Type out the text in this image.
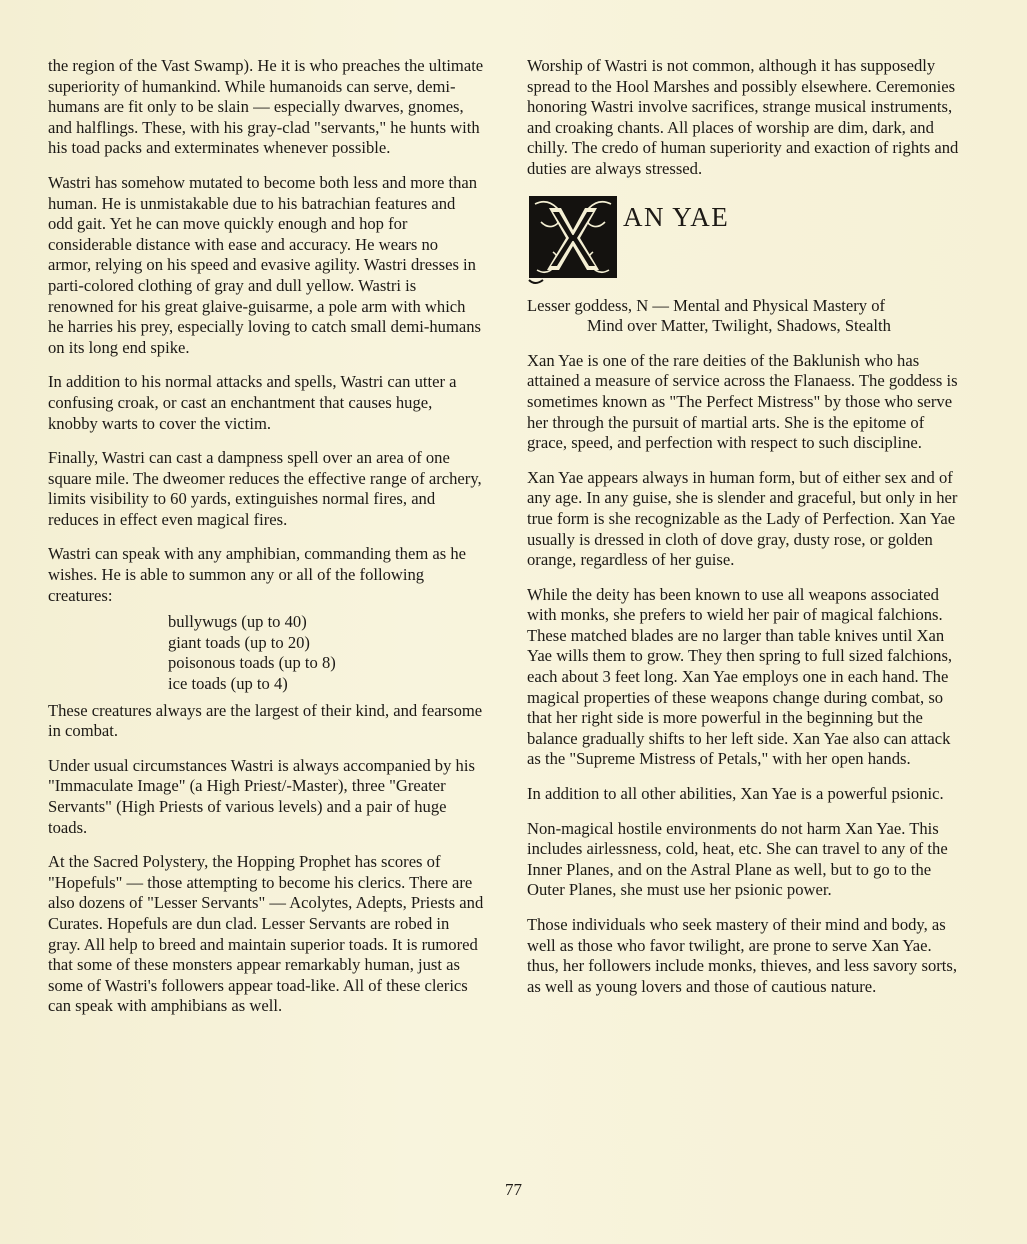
the region of the Vast Swamp). He it is who preaches the ultimate superiority of humankind. While humanoids can serve, demi-humans are fit only to be slain — especially dwarves, gnomes, and halflings. These, with his gray-clad "servants," he hunts with his toad packs and exterminates whenever possible.

Wastri has somehow mutated to become both less and more than human. He is unmistakable due to his batrachian features and odd gait. Yet he can move quickly enough and hop for considerable distance with ease and accuracy. He wears no armor, relying on his speed and evasive agility. Wastri dresses in parti-colored clothing of gray and dull yellow. Wastri is renowned for his great glaive-guisarme, a pole arm with which he harries his prey, especially loving to catch small demi-humans on its long end spike.

In addition to his normal attacks and spells, Wastri can utter a confusing croak, or cast an enchantment that causes huge, knobby warts to cover the victim.

Finally, Wastri can cast a dampness spell over an area of one square mile. The dweomer reduces the effective range of archery, limits visibility to 60 yards, extinguishes normal fires, and reduces in effect even magical fires.

Wastri can speak with any amphibian, commanding them as he wishes. He is able to summon any or all of the following creatures:

bullywugs (up to 40)
giant toads (up to 20)
poisonous toads (up to 8)
ice toads (up to 4)

These creatures always are the largest of their kind, and fearsome in combat.

Under usual circumstances Wastri is always accompanied by his "Immaculate Image" (a High Priest/-Master), three "Greater Servants" (High Priests of various levels) and a pair of huge toads.

At the Sacred Polystery, the Hopping Prophet has scores of "Hopefuls" — those attempting to become his clerics. There are also dozens of "Lesser Servants" — Acolytes, Adepts, Priests and Curates. Hopefuls are dun clad. Lesser Servants are robed in gray. All help to breed and maintain superior toads. It is rumored that some of these monsters appear remarkably human, just as some of Wastri's followers appear toad-like. All of these clerics can speak with amphibians as well.

Worship of Wastri is not common, although it has supposedly spread to the Hool Marshes and possibly elsewhere. Ceremonies honoring Wastri involve sacrifices, strange musical instruments, and croaking chants. All places of worship are dim, dark, and chilly. The credo of human superiority and exaction of rights and duties are always stressed.

AN YAE

Lesser goddess, N — Mental and Physical Mastery of
Mind over Matter, Twilight, Shadows, Stealth

Xan Yae is one of the rare deities of the Baklunish who has attained a measure of service across the Flanaess. The goddess is sometimes known as "The Perfect Mistress" by those who serve her through the pursuit of martial arts. She is the epitome of grace, speed, and perfection with respect to such discipline.

Xan Yae appears always in human form, but of either sex and of any age. In any guise, she is slender and graceful, but only in her true form is she recognizable as the Lady of Perfection. Xan Yae usually is dressed in cloth of dove gray, dusty rose, or golden orange, regardless of her guise.

While the deity has been known to use all weapons associated with monks, she prefers to wield her pair of magical falchions. These matched blades are no larger than table knives until Xan Yae wills them to grow. They then spring to full sized falchions, each about 3 feet long. Xan Yae employs one in each hand. The magical properties of these weapons change during combat, so that her right side is more powerful in the beginning but the balance gradually shifts to her left side. Xan Yae also can attack as the "Supreme Mistress of Petals," with her open hands.

In addition to all other abilities, Xan Yae is a powerful psionic.

Non-magical hostile environments do not harm Xan Yae. This includes airlessness, cold, heat, etc. She can travel to any of the Inner Planes, and on the Astral Plane as well, but to go to the Outer Planes, she must use her psionic power.

Those individuals who seek mastery of their mind and body, as well as those who favor twilight, are prone to serve Xan Yae. thus, her followers include monks, thieves, and less savory sorts, as well as young lovers and those of cautious nature.

77
